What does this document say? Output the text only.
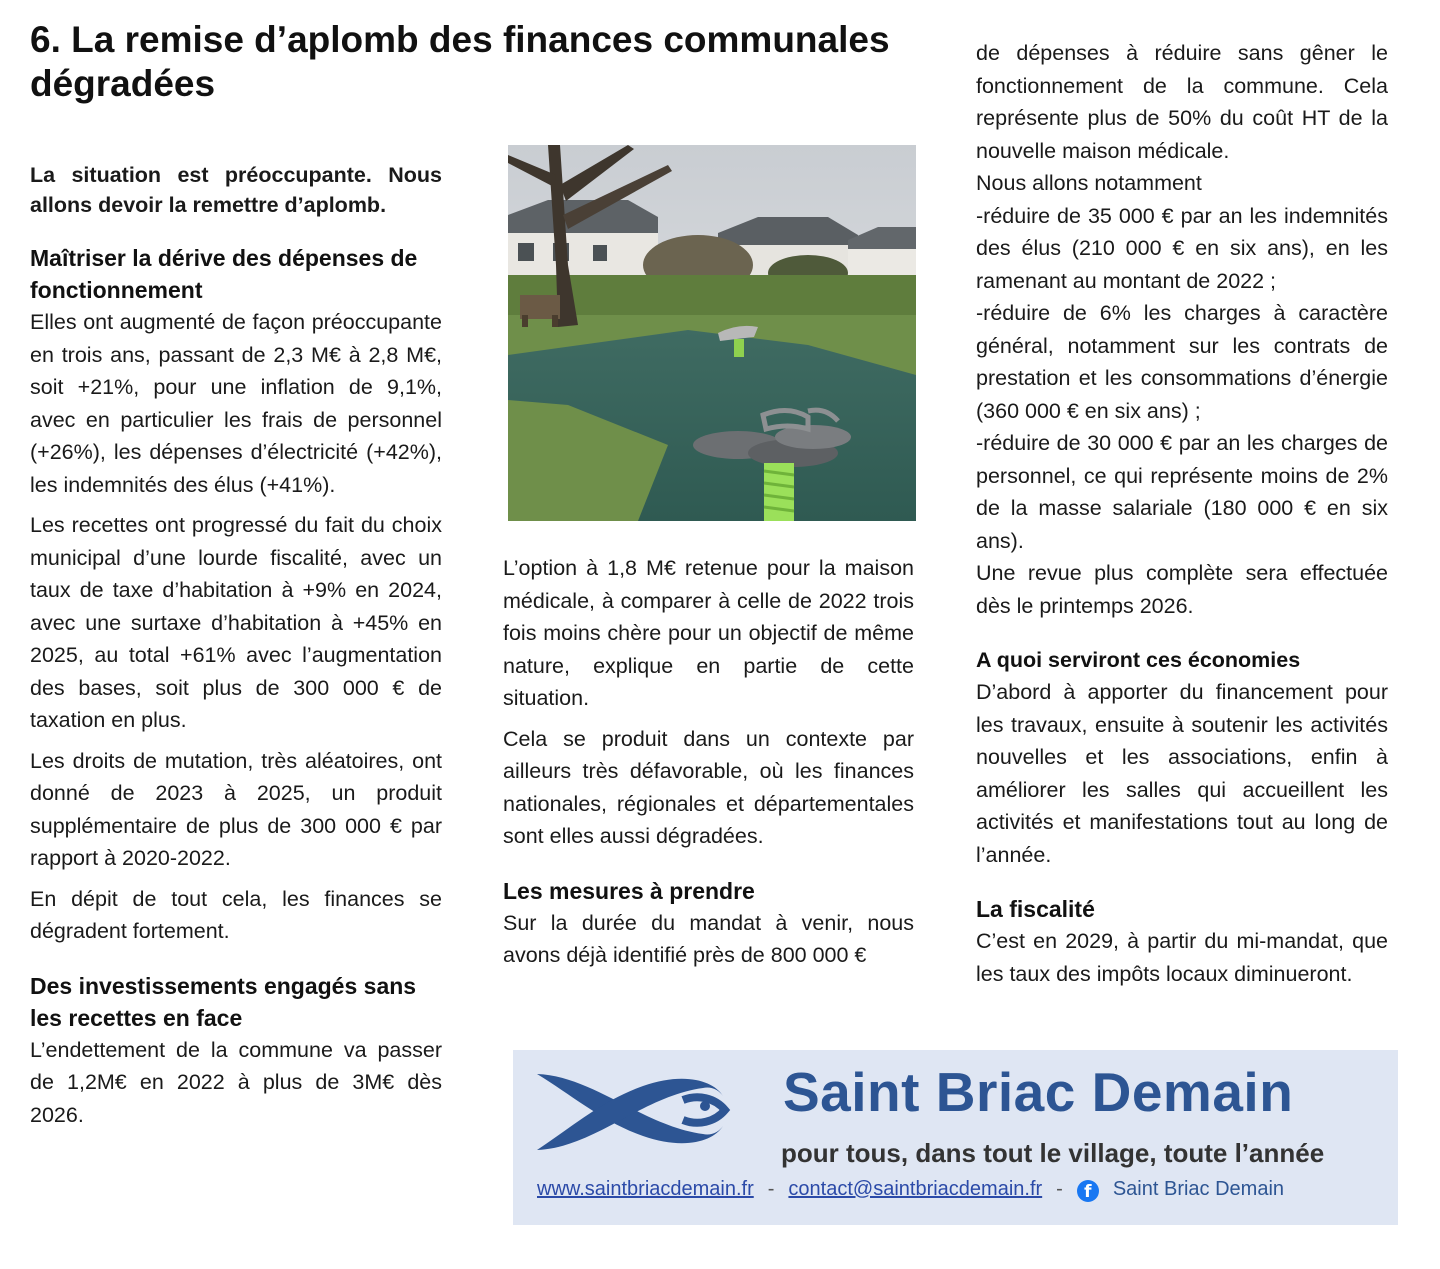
6. La remise d’aplomb des finances communales dégradées

La situation est préoccupante. Nous allons devoir la remettre d’aplomb.

Maîtriser la dérive des dépenses de fonctionnement

Elles ont augmenté de façon préoccupante en trois ans, passant de 2,3 M€ à 2,8 M€, soit +21%, pour une inflation de 9,1%, avec en particulier les frais de personnel (+26%), les dépenses d’électricité (+42%), les indemnités des élus (+41%).

Les recettes ont progressé du fait du choix municipal d’une lourde fiscalité, avec un taux de taxe d’habitation à +9% en 2024, avec une surtaxe d’habitation à +45% en 2025, au total +61% avec l’augmentation des bases, soit plus de 300 000 € de taxation en plus.

Les droits de mutation, très aléatoires, ont donné de 2023 à 2025, un produit supplémentaire de plus de 300 000 € par rapport à 2020-2022.

En dépit de tout cela, les finances se dégradent fortement.

Des investissements engagés sans les recettes en face

L’endettement de la commune va passer de 1,2M€ en 2022 à plus de 3M€ dès 2026.

L’option à 1,8 M€ retenue pour la maison médicale, à comparer à celle de 2022 trois fois moins chère pour un objectif de même nature, explique en partie de cette situation.

Cela se produit dans un contexte par ailleurs très défavorable, où les finances nationales, régionales et départementales sont elles aussi dégradées.

Les mesures à prendre

Sur la durée du mandat à venir, nous avons déjà identifié près de 800 000 €

de dépenses à réduire sans gêner le fonctionnement de la commune. Cela représente plus de 50% du coût HT de la nouvelle maison médicale.

Nous allons notamment

-réduire de 35 000 € par an les indemnités des élus (210 000 € en six ans), en les ramenant au montant de 2022 ;

-réduire de 6% les charges à caractère général, notamment sur les contrats de prestation et les consommations d’énergie (360 000 € en six ans) ;

-réduire de 30 000 € par an les charges de personnel, ce qui représente moins de 2% de la masse salariale (180 000 € en six ans).

Une revue plus complète sera effectuée dès le printemps 2026.

A quoi serviront ces économies

D’abord à apporter du financement pour les travaux, ensuite à soutenir les activités nouvelles et les associations, enfin à améliorer les salles qui accueillent les activités et manifestations tout au long de l’année.

La fiscalité

C’est en 2029, à partir du mi-mandat, que les taux des impôts locaux diminueront.

Saint Briac Demain
pour tous, dans tout le village, toute l’année
www.saintbriacdemain.fr - contact@saintbriacdemain.fr - f Saint Briac Demain
